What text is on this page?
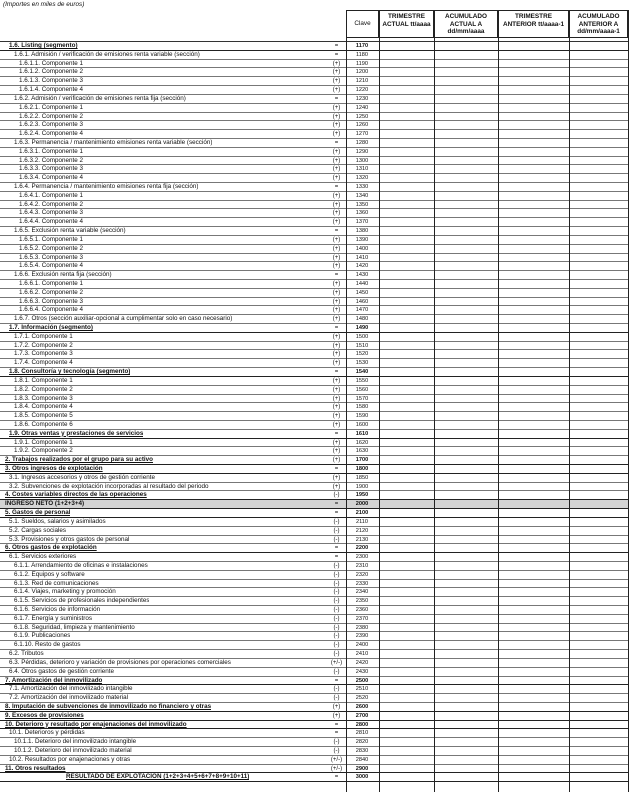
(Importes en miles de euros)
Clave
TRIMESTRE ACTUAL tt/aaaa
ACUMULADO ACTUAL A dd/mm/aaaa
TRIMESTRE ANTERIOR tt/aaaa-1
ACUMULADO ANTERIOR A dd/mm/aaaa-1
1.6. Listing (segmento)	=	1170
1.6.1. Admisión / verificación de emisiones renta variable (sección)	=	1180
1.6.1.1. Componente 1	(+)	1190
1.6.1.2. Componente 2	(+)	1200
1.6.1.3. Componente 3	(+)	1210
1.6.1.4. Componente 4	(+)	1220
1.6.2. Admisión / verificación de emisiones renta fija (sección)	=	1230
1.6.2.1. Componente 1	(+)	1240
1.6.2.2. Componente 2	(+)	1250
1.6.2.3. Componente 3	(+)	1260
1.6.2.4. Componente 4	(+)	1270
1.6.3. Permanencia / mantenimiento emisiones renta variable (sección)	=	1280
1.6.3.1. Componente 1	(+)	1290
1.6.3.2. Componente 2	(+)	1300
1.6.3.3. Componente 3	(+)	1310
1.6.3.4. Componente 4	(+)	1320
1.6.4. Permanencia / mantenimiento emisiones renta fija (sección)	=	1330
1.6.4.1. Componente 1	(+)	1340
1.6.4.2. Componente 2	(+)	1350
1.6.4.3. Componente 3	(+)	1360
1.6.4.4. Componente 4	(+)	1370
1.6.5. Exclusión renta variable (sección)	=	1380
1.6.5.1. Componente 1	(+)	1390
1.6.5.2. Componente 2	(+)	1400
1.6.5.3. Componente 3	(+)	1410
1.6.5.4. Componente 4	(+)	1420
1.6.6. Exclusión renta fija (sección)	=	1430
1.6.6.1. Componente 1	(+)	1440
1.6.6.2. Componente 2	(+)	1450
1.6.6.3. Componente 3	(+)	1460
1.6.6.4. Componente 4	(+)	1470
1.6.7. Otros (sección auxiliar-opcional a cumplimentar solo en caso necesario)	(+)	1480
1.7. Información (segmento)	=	1490
1.7.1. Componente 1	(+)	1500
1.7.2. Componente 2	(+)	1510
1.7.3. Componente 3	(+)	1520
1.7.4. Componente 4	(+)	1530
1.8. Consultoría y tecnología (segmento)	=	1540
1.8.1. Componente 1	(+)	1550
1.8.2. Componente 2	(+)	1560
1.8.3. Componente 3	(+)	1570
1.8.4. Componente 4	(+)	1580
1.8.5. Componente 5	(+)	1590
1.8.6. Componente 6	(+)	1600
1.9. Otras ventas y prestaciones de servicios	=	1610
1.9.1. Componente 1	(+)	1620
1.9.2. Componente 2	(+)	1630
2. Trabajos realizados por el grupo para su activo	(+)	1700
3. Otros ingresos de explotación	=	1800
3.1. Ingresos accesorios y otros de gestión corriente	(+)	1850
3.2. Subvenciones de explotación incorporadas al resultado del periodo	(+)	1900
4. Costes variables directos de las operaciones	(-)	1950
INGRESO NETO (1+2+3+4)	=	2000
5. Gastos de personal	=	2100
5.1. Sueldos, salarios y asimilados	(-)	2110
5.2. Cargas sociales	(-)	2120
5.3. Provisiones y otros gastos de personal	(-)	2130
6. Otros gastos de explotación	=	2200
6.1. Servicios exteriores	=	2300
6.1.1. Arrendamiento de oficinas e instalaciones	(-)	2310
6.1.2. Equipos y software	(-)	2320
6.1.3. Red de comunicaciones	(-)	2330
6.1.4. Viajes, marketing y promoción	(-)	2340
6.1.5. Servicios de profesionales independientes	(-)	2350
6.1.6. Servicios de información	(-)	2360
6.1.7. Energía y suministros	(-)	2370
6.1.8. Seguridad, limpieza y mantenimiento	(-)	2380
6.1.9. Publicaciones	(-)	2390
6.1.10. Resto de gastos	(-)	2400
6.2. Tributos	(-)	2410
6.3. Pérdidas, deterioro y variación de provisiones por operaciones comerciales	(+/-)	2420
6.4. Otros gastos de gestión corriente	(-)	2430
7. Amortización del inmovilizado	=	2500
7.1. Amortización del inmovilizado intangible	(-)	2510
7.2. Amortización del inmovilizado material	(-)	2520
8. Imputación de subvenciones de inmovilizado no financiero y otras	(+)	2600
9. Excesos de provisiones	(+)	2700
10. Deterioro y resultado por enajenaciones del inmovilizado	=	2800
10.1. Deterioros y pérdidas	=	2810
10.1.1. Deterioro del inmovilizado intangible	(-)	2820
10.1.2. Deterioro del inmovilizado material	(-)	2830
10.2. Resultados por enajenaciones y otras	(+/-)	2840
11. Otros resultados	(+/-)	2900
RESULTADO DE EXPLOTACIÓN (1+2+3+4+5+6+7+8+9+10+11)	=	3000
